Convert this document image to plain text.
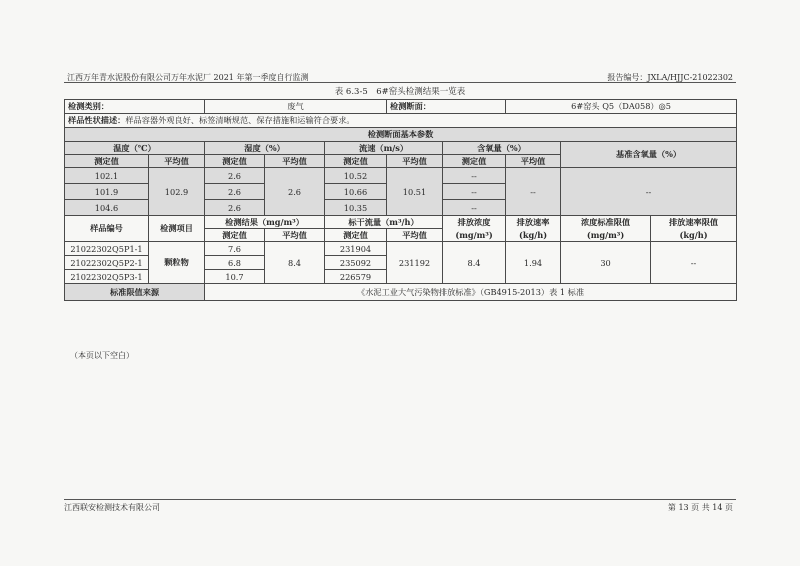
江西万年青水泥股份有限公司万年水泥厂 2021 年第一季度自行监测	报告编号：JXLA/HJJC-21022302
表 6.3-5　6#窑头检测结果一览表
检测类别：		废气			检测断面：		6#窑头 Q5（DA058）◎5		
样品性状描述：样品容器外观良好、标签清晰规范、保存措施和运输符合要求。									
检测断面基本参数									
温度（℃）		湿度（%）		流速（m/s）		含氧量（%）		基准含氧量（%）	
测定值	平均值	测定值	平均值	测定值	平均值	测定值	平均值		
102.1	102.9	2.6	2.6	10.52	10.51	--	--	--	
101.9		2.6		10.66		--			
104.6		2.6		10.35		--			
样品编号	检测项目	检测结果（mg/m³）		标干流量（m³/h）		排放浓度	排放速率	浓度标准限值	排放速率限值
		测定值	平均值	测定值	平均值	(mg/m³)	(kg/h)	(mg/m³)	(kg/h)
21022302Q5P1-1	颗粒物	7.6	8.4	231904	231192	8.4	1.94	30	--
21022302Q5P2-1		6.8		235092					
21022302Q5P3-1		10.7		226579					
标准限值来源		《水泥工业大气污染物排放标准》（GB4915-2013）表 1 标准							
（本页以下空白）
江西联安检测技术有限公司	第 13 页 共 14 页
